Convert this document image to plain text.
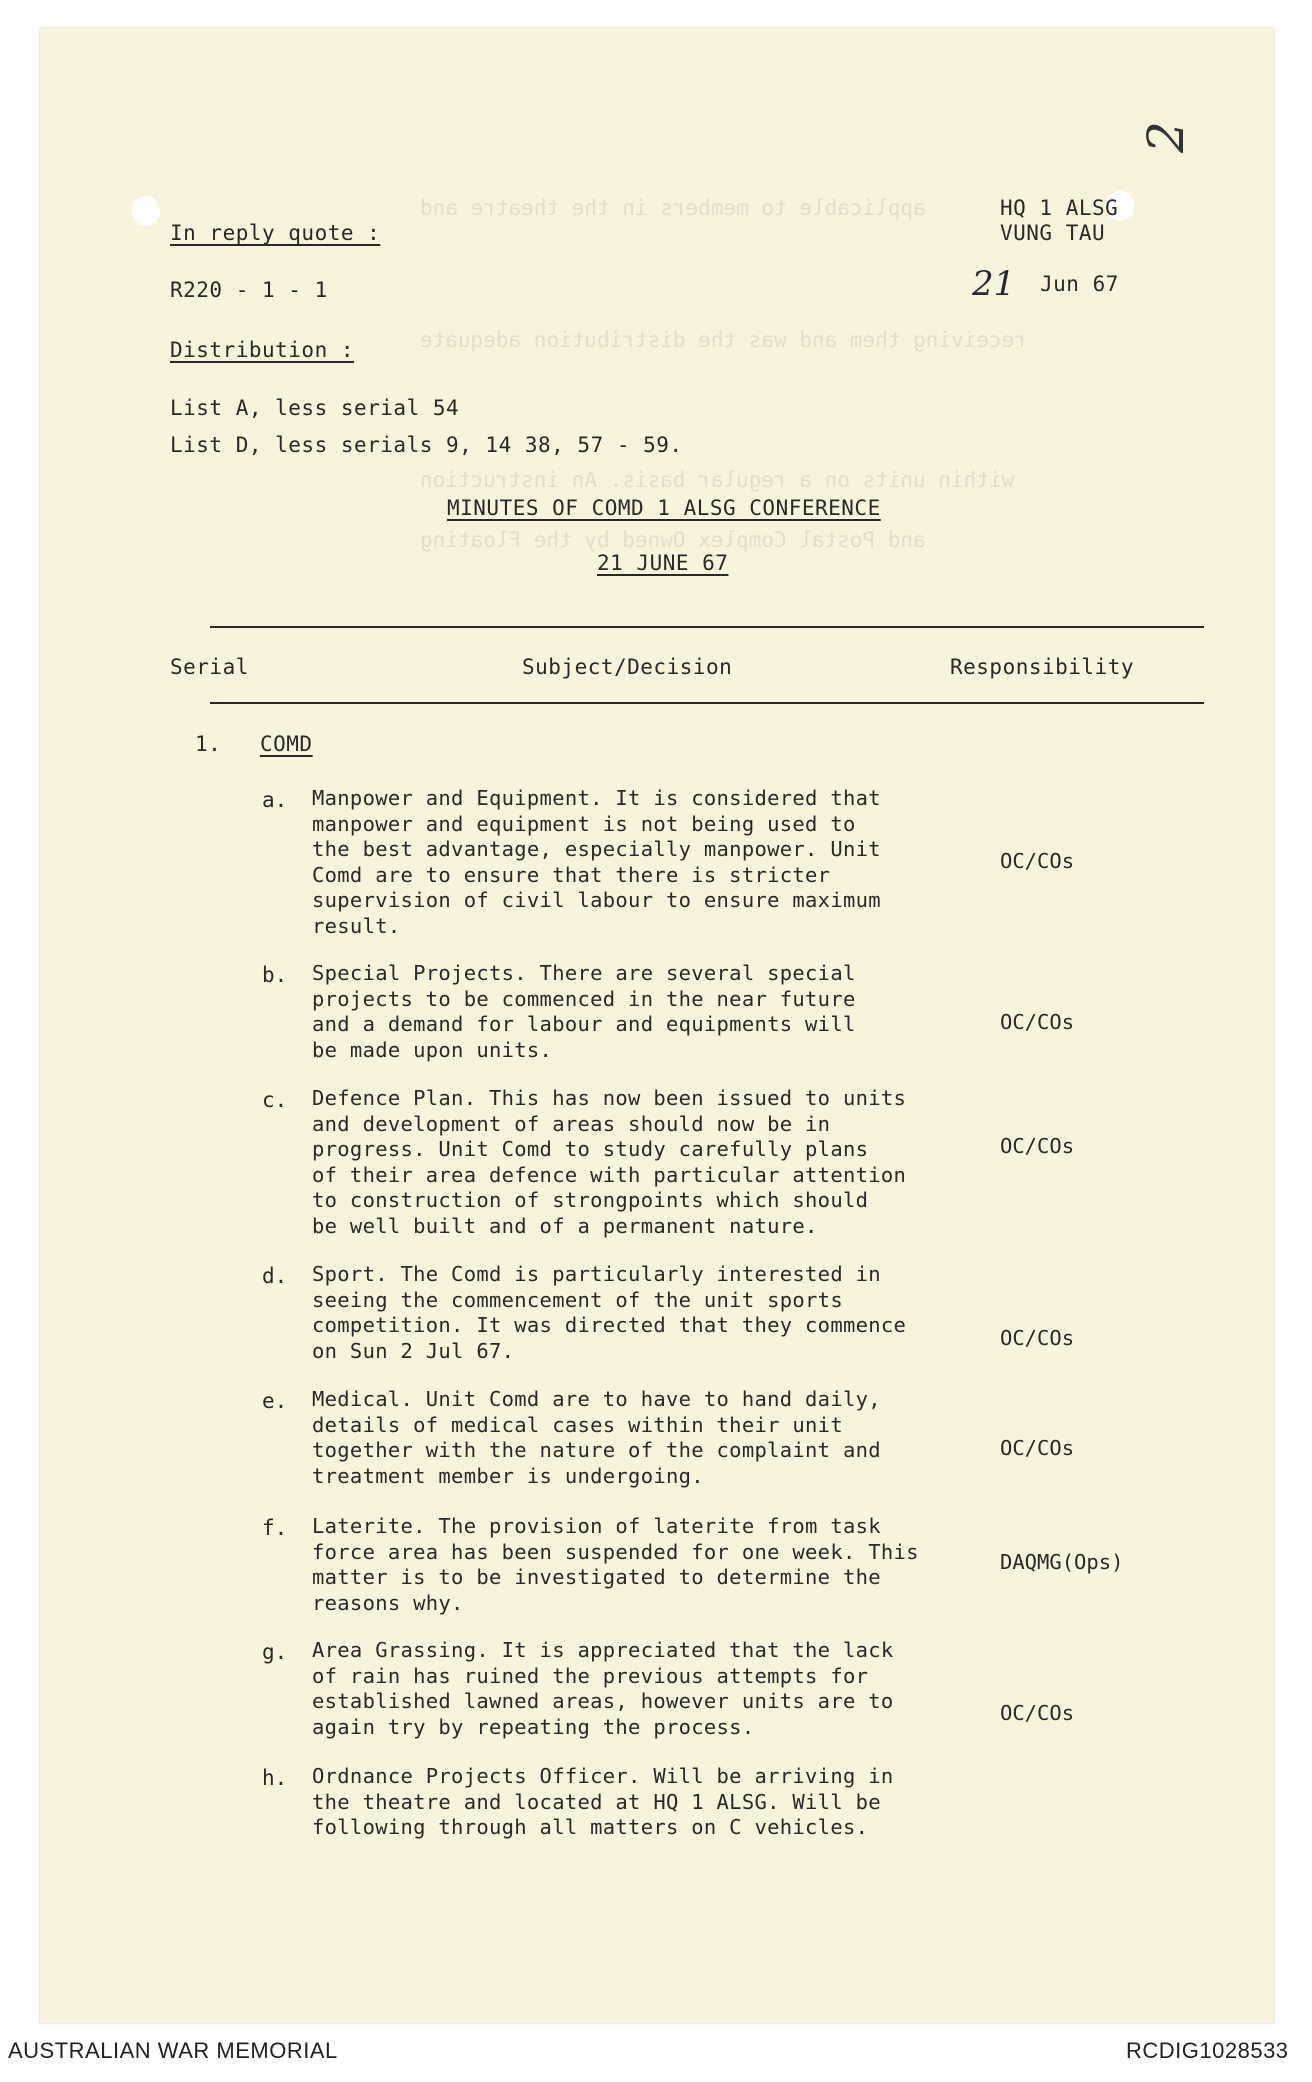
applicable to members in the theatre and
receiving them and was the distribution adequate
within units on a regular basis. An instruction
and Postal Complex Owned by the Floating
2
In reply quote :
HQ 1 ALSG
VUNG TAU
R220 - 1 - 1	21 Jun 67
Distribution :
List A, less serial 54
List D, less serials 9, 14 38, 57 - 59.
MINUTES OF COMD 1 ALSG CONFERENCE
21 JUNE 67
Serial	Subject/Decision	Responsibility
1. COMD
a. Manpower and Equipment. It is considered that
manpower and equipment is not being used to
the best advantage, especially manpower. Unit
Comd are to ensure that there is stricter
supervision of civil labour to ensure maximum
result.
OC/COs
b. Special Projects. There are several special
projects to be commenced in the near future
and a demand for labour and equipments will
be made upon units.
OC/COs
c. Defence Plan. This has now been issued to units
and development of areas should now be in
progress. Unit Comd to study carefully plans
of their area defence with particular attention
to construction of strongpoints which should
be well built and of a permanent nature.
OC/COs
d. Sport. The Comd is particularly interested in
seeing the commencement of the unit sports
competition. It was directed that they commence
on Sun 2 Jul 67.
OC/COs
e. Medical. Unit Comd are to have to hand daily,
details of medical cases within their unit
together with the nature of the complaint and
treatment member is undergoing.
OC/COs
f. Laterite. The provision of laterite from task
force area has been suspended for one week. This
matter is to be investigated to determine the
reasons why.
DAQMG(Ops)
g. Area Grassing. It is appreciated that the lack
of rain has ruined the previous attempts for
established lawned areas, however units are to
again try by repeating the process.
OC/COs
h. Ordnance Projects Officer. Will be arriving in
the theatre and located at HQ 1 ALSG. Will be
following through all matters on C vehicles.
AUSTRALIAN WAR MEMORIAL	RCDIG1028533
